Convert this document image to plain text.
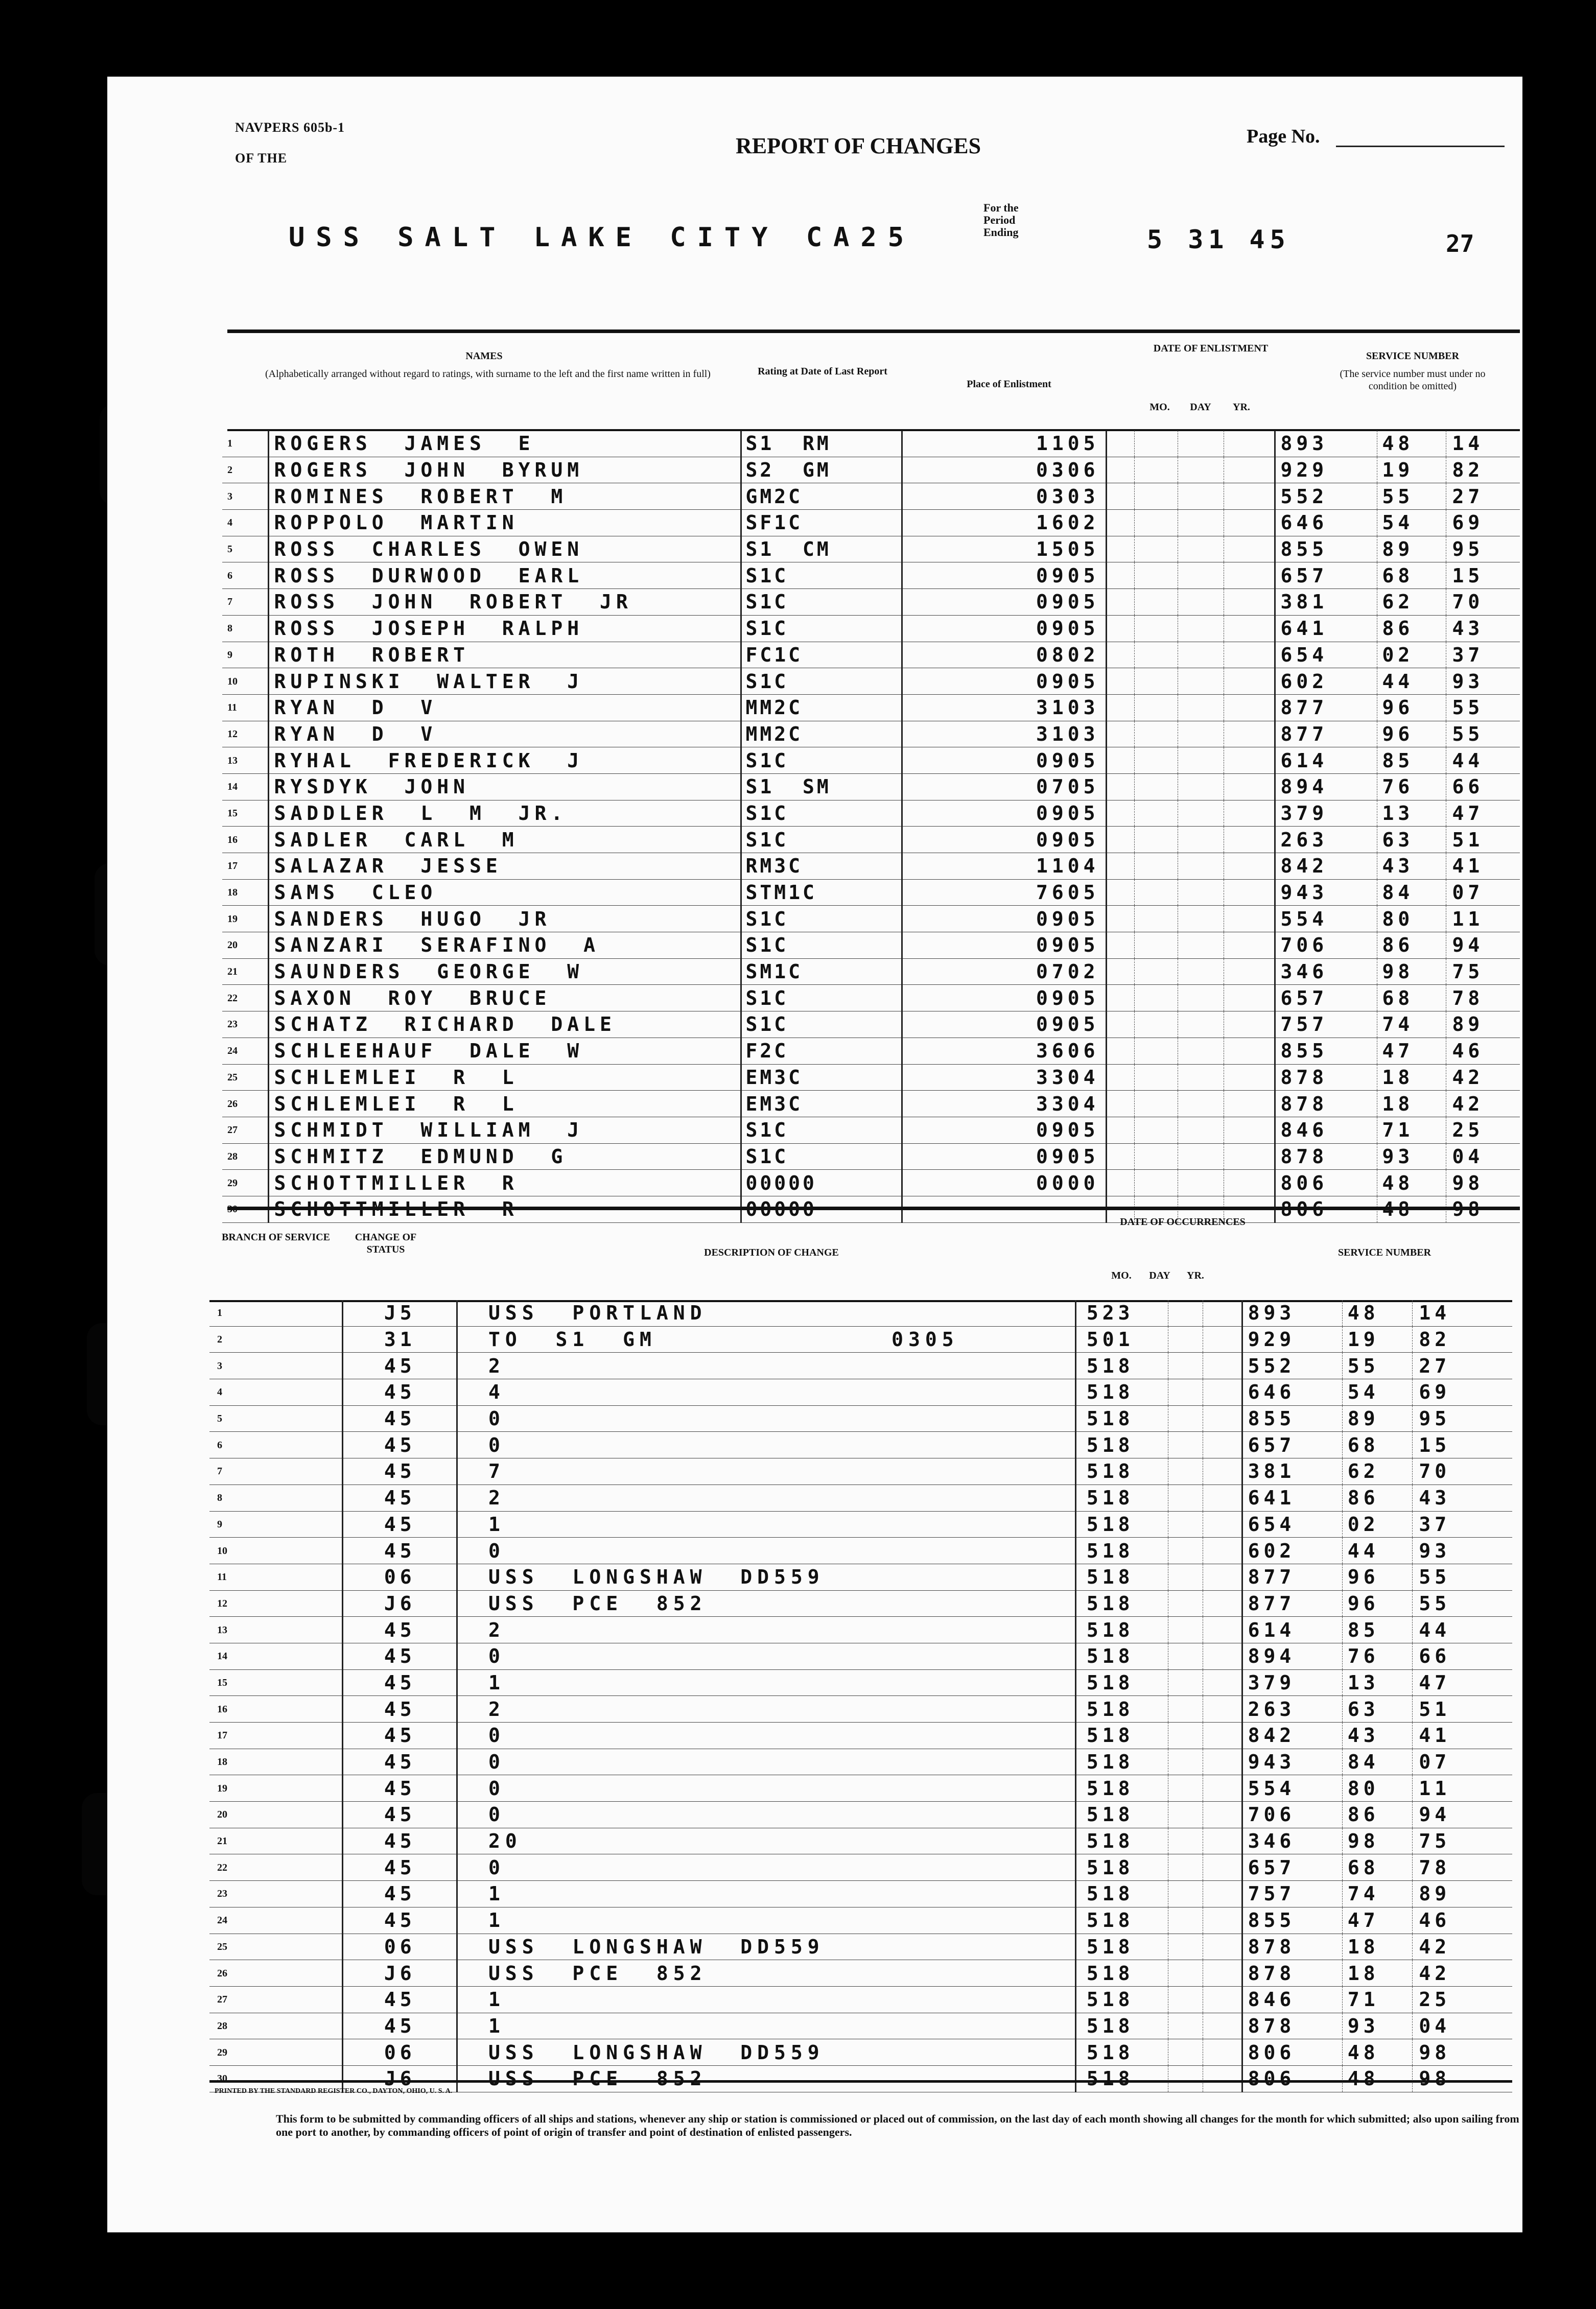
NAVPERS 605b-1
OF THE	REPORT OF CHANGES	Page No.
27
USS SALT LAKE CITY CA25
For the Period Ending	5 31 45
NAMES
(Alphabetically arranged without regard to ratings, with surname to the left and the first name written in full)	Rating at Date of Last Report
Place of Enlistment
DATE OF ENLISTMENT
MO.	DAY	YR.
SERVICE NUMBER
(The service number must under no condition be omitted)
1	ROGERS  JAMES  E	S1  RM	1105						893	48	14
2	ROGERS  JOHN  BYRUM	S2  GM	0306						929	19	82
3	ROMINES  ROBERT  M	GM2C	0303						552	55	27
4	ROPPOLO  MARTIN	SF1C	1602						646	54	69
5	ROSS  CHARLES  OWEN	S1  CM	1505						855	89	95
6	ROSS  DURWOOD  EARL	S1C	0905						657	68	15
7	ROSS  JOHN  ROBERT  JR	S1C	0905						381	62	70
8	ROSS  JOSEPH  RALPH	S1C	0905						641	86	43
9	ROTH  ROBERT	FC1C	0802						654	02	37
10	RUPINSKI  WALTER  J	S1C	0905						602	44	93
11	RYAN  D  V	MM2C	3103						877	96	55
12	RYAN  D  V	MM2C	3103						877	96	55
13	RYHAL  FREDERICK  J	S1C	0905						614	85	44
14	RYSDYK  JOHN	S1  SM	0705						894	76	66
15	SADDLER  L  M  JR.	S1C	0905						379	13	47
16	SADLER  CARL  M	S1C	0905						263	63	51
17	SALAZAR  JESSE	RM3C	1104						842	43	41
18	SAMS  CLEO	STM1C	7605						943	84	07
19	SANDERS  HUGO  JR	S1C	0905						554	80	11
20	SANZARI  SERAFINO  A	S1C	0905						706	86	94
21	SAUNDERS  GEORGE  W	SM1C	0702						346	98	75
22	SAXON  ROY  BRUCE	S1C	0905						657	68	78
23	SCHATZ  RICHARD  DALE	S1C	0905						757	74	89
24	SCHLEEHAUF  DALE  W	F2C	3606						855	47	46
25	SCHLEMLEI  R  L	EM3C	3304						878	18	42
26	SCHLEMLEI  R  L	EM3C	3304						878	18	42
27	SCHMIDT  WILLIAM  J	S1C	0905						846	71	25
28	SCHMITZ  EDMUND  G	S1C	0905						878	93	04
29	SCHOTTMILLER  R	00000	0000						806	48	98
30	SCHOTTMILLER  R	00000							806	48	98
BRANCH OF SERVICE	CHANGE OF STATUS	DESCRIPTION OF CHANGE
DATE OF OCCURRENCES
MO.	DAY	YR.
SERVICE NUMBER
1	J5	USS  PORTLAND	523					893	48	14
2	31	TO  S1  GM              0305	501					929	19	82
3	45	2	518					552	55	27
4	45	4	518					646	54	69
5	45	0	518					855	89	95
6	45	0	518					657	68	15
7	45	7	518					381	62	70
8	45	2	518					641	86	43
9	45	1	518					654	02	37
10	45	0	518					602	44	93
11	06	USS  LONGSHAW  DD559	518					877	96	55
12	J6	USS  PCE  852	518					877	96	55
13	45	2	518					614	85	44
14	45	0	518					894	76	66
15	45	1	518					379	13	47
16	45	2	518					263	63	51
17	45	0	518					842	43	41
18	45	0	518					943	84	07
19	45	0	518					554	80	11
20	45	0	518					706	86	94
21	45	20	518					346	98	75
22	45	0	518					657	68	78
23	45	1	518					757	74	89
24	45	1	518					855	47	46
25	06	USS  LONGSHAW  DD559	518					878	18	42
26	J6	USS  PCE  852	518					878	18	42
27	45	1	518					846	71	25
28	45	1	518					878	93	04
29	06	USS  LONGSHAW  DD559	518					806	48	98
30	J6	USS  PCE  852	518					806	48	98
PRINTED BY THE STANDARD REGISTER CO., DAYTON, OHIO, U. S. A.
This form to be submitted by commanding officers of all ships and stations, whenever any ship or station is commissioned or placed out of commission, on the last day of each month showing all changes for the month for which submitted; also upon sailing from one port to another, by commanding officers of point of origin of transfer and point of destination of enlisted passengers.
